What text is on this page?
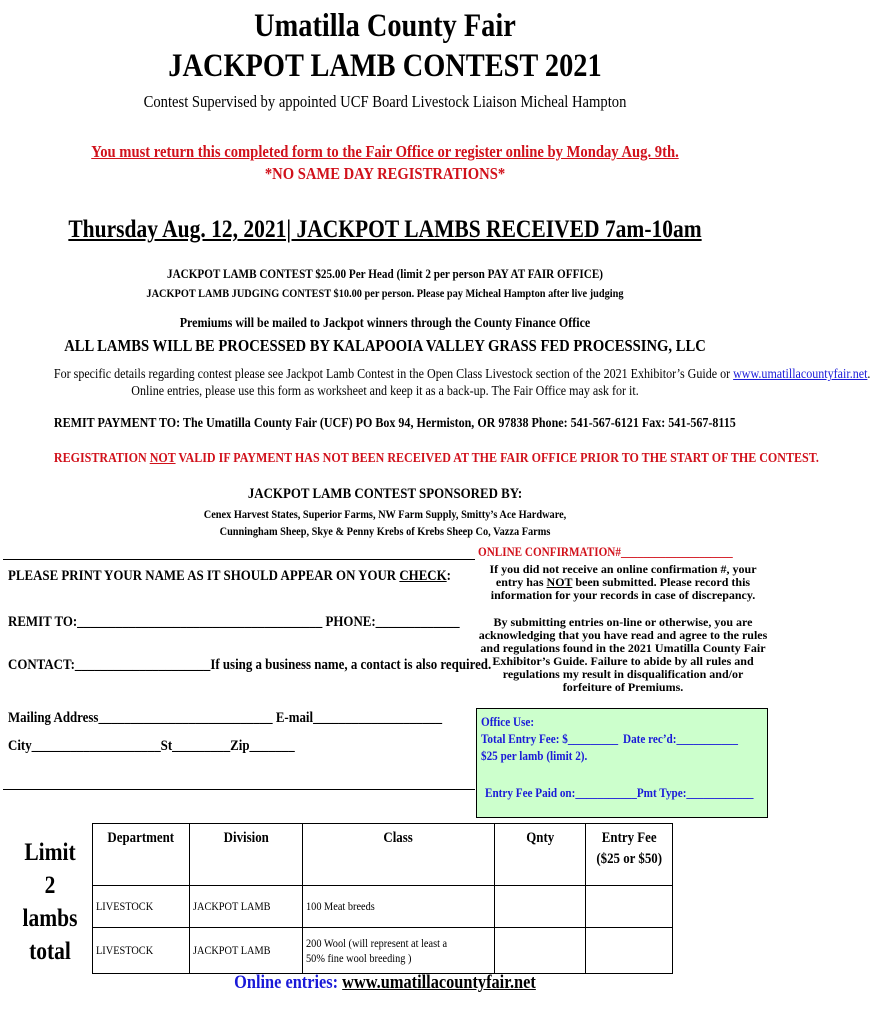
Umatilla County Fair
JACKPOT LAMB CONTEST 2021
Contest Supervised by appointed UCF Board Livestock Liaison Micheal Hampton
You must return this completed form to the Fair Office or register online by Monday Aug. 9th.
*NO SAME DAY REGISTRATIONS*
Thursday Aug. 12, 2021| JACKPOT LAMBS RECEIVED 7am-10am
JACKPOT LAMB CONTEST $25.00 Per Head (limit 2 per person PAY AT FAIR OFFICE)
JACKPOT LAMB JUDGING CONTEST $10.00 per person. Please pay Micheal Hampton after live judging
Premiums will be mailed to Jackpot winners through the County Finance Office
ALL LAMBS WILL BE PROCESSED BY KALAPOOIA VALLEY GRASS FED PROCESSING, LLC
For specific details regarding contest please see Jackpot Lamb Contest in the Open Class Livestock section of the 2021 Exhibitor’s Guide or www.umatillacountyfair.net
Online entries, please use this form as worksheet and keep it as a back-up. The Fair Office may ask for it.
REMIT PAYMENT TO: The Umatilla County Fair (UCF) PO Box 94, Hermiston, OR 97838 Phone: 541-567-6121 Fax: 541-567-8115
REGISTRATION NOT VALID IF PAYMENT HAS NOT BEEN RECEIVED AT THE FAIR OFFICE PRIOR TO THE START OF THE CONTEST.
JACKPOT LAMB CONTEST SPONSORED BY:
Cenex Harvest States, Superior Farms, NW Farm Supply, Smitty’s Ace Hardware,
Cunningham Sheep, Skye & Penny Krebs of Krebs Sheep Co, Vazza Farms
PLEASE PRINT YOUR NAME AS IT SHOULD APPEAR ON YOUR CHECK:
REMIT TO:______________________________________ PHONE:_____________
CONTACT:_____________________If using a business name, a contact is also required.
Mailing Address___________________________ E-mail____________________
City____________________St_________Zip_______
ONLINE CONFIRMATION#____________________
If you did not receive an online confirmation #, your entry has NOT been submitted. Please record this information for your records in case of discrepancy.
By submitting entries on-line or otherwise, you are acknowledging that you have read and agree to the rules and regulations found in the 2021 Umatilla County Fair Exhibitor’s Guide. Failure to abide by all rules and regulations my result in disqualification and/or forfeiture of Premiums.
Office Use:
Total Entry Fee: $_________ Date rec’d:___________
$25 per lamb (limit 2).
Entry Fee Paid on:___________Pmt Type:____________
Limit 2
lambs
total
Department	Division	Class	Qnty	Entry Fee
($25 or $50)
LIVESTOCK	JACKPOT LAMB	100 Meat breeds		
LIVESTOCK	JACKPOT LAMB	200 Wool (will represent at least a 50% fine wool breeding )		
Online entries: www.umatillacountyfair.net
